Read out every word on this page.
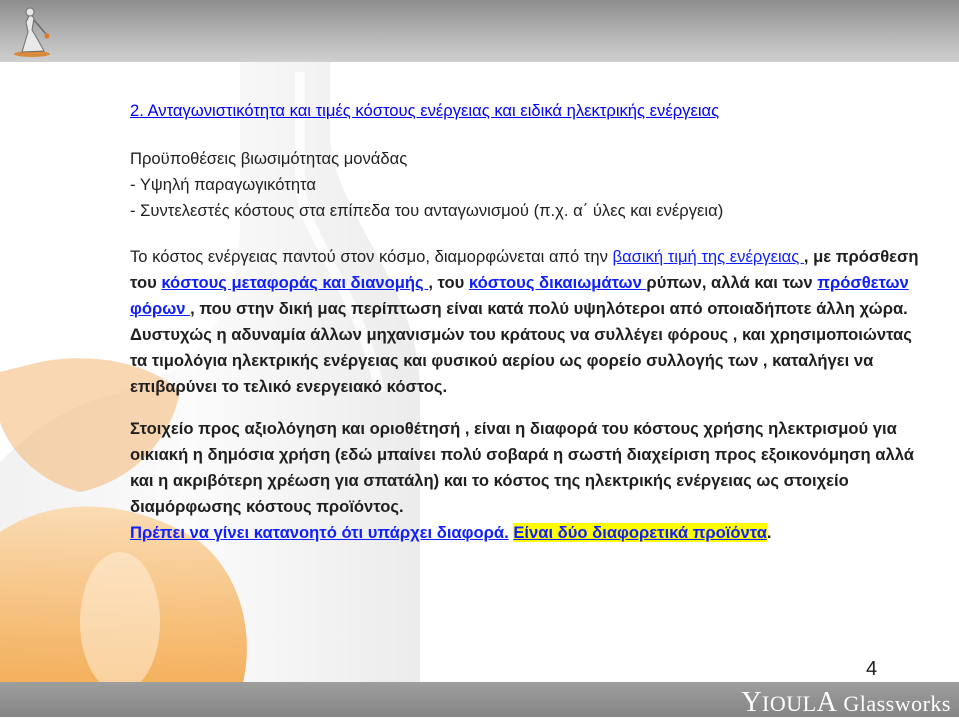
2. Ανταγωνιστικότητα και τιμές κόστους ενέργειας και ειδικά ηλεκτρικής ενέργειας

Προϋποθέσεις βιωσιμότητας μονάδας

- Υψηλή παραγωγικότητα

- Συντελεστές κόστους στα επίπεδα του ανταγωνισμού (π.χ. α΄ ύλες και ενέργεια)

Το κόστος ενέργειας παντού στον κόσμο, διαμορφώνεται από την βασική τιμή της ενέργειας , με πρόσθεση του κόστους μεταφοράς και διανομής , του κόστους δικαιωμάτων ρύπων, αλλά και των πρόσθετων φόρων , που στην δική μας περίπτωση είναι κατά πολύ υψηλότεροι από οποιαδήποτε άλλη χώρα.
Δυστυχώς η αδυναμία άλλων μηχανισμών του κράτους να συλλέγει φόρους , και χρησιμοποιώντας τα τιμολόγια ηλεκτρικής ενέργειας και φυσικού αερίου ως φορείο συλλογής των , καταλήγει να επιβαρύνει το τελικό ενεργειακό κόστος.

Στοιχείο προς αξιολόγηση και οριοθέτησή , είναι η διαφορά του κόστους χρήσης ηλεκτρισμού για οικιακή η δημόσια χρήση (εδώ μπαίνει πολύ σοβαρά η σωστή διαχείριση προς εξοικονόμηση αλλά και η ακριβότερη χρέωση για σπατάλη) και το κόστος της ηλεκτρικής ενέργειας ως στοιχείο διαμόρφωσης κόστους προϊόντος.
Πρέπει να γίνει κατανοητό ότι υπάρχει διαφορά. Είναι δύο διαφορετικά προϊόντα.

4
YIOULA Glassworks
